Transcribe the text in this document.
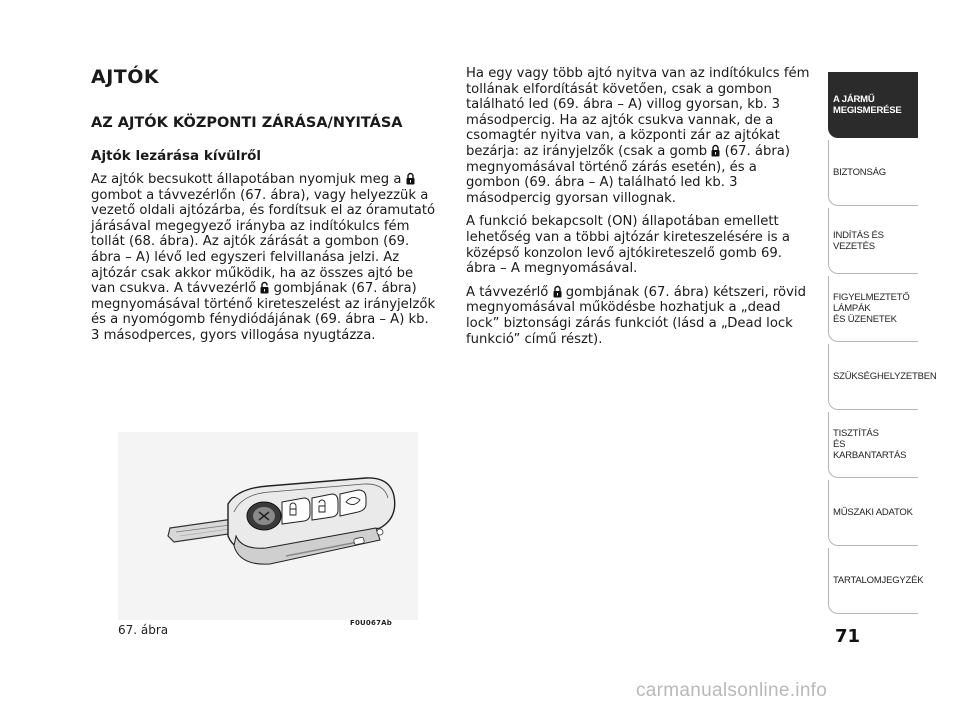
AJTÓK
AZ AJTÓK KÖZPONTI ZÁRÁSA/NYITÁSA
Ajtók lezárása kívülről

Az ajtók becsukott állapotában nyomjuk meg a  gombot a távvezérlőn (67. ábra), vagy helyezzük a vezető oldali ajtózárba, és fordítsuk el az óramutató járásával megegyező irányba az indítókulcs fém tollát (68. ábra). Az ajtók zárását a gombon (69. ábra – A) lévő led egyszeri felvillanása jelzi. Az ajtózár csak akkor működik, ha az összes ajtó be van csukva. A távvezérlő gombjának (67. ábra) megnyomásával történő kireteszelést az irányjelzők és a nyomógomb fénydiódájának (69. ábra – A) kb. 3 másodperces, gyors villogása nyugtázza.

Ha egy vagy több ajtó nyitva van az indítókulcs fém tollának elfordítását követően, csak a gombon található led (69. ábra – A) villog gyorsan, kb. 3 másodpercig. Ha az ajtók csukva vannak, de a csomagtér nyitva van, a központi zár az ajtókat bezárja: az irányjelzők (csak a gomb (67. ábra) megnyomásával történő zárás esetén), és a gombon (69. ábra – A) található led kb. 3 másodpercig gyorsan villognak.

A funkció bekapcsolt (ON) állapotában emellett lehetőség van a többi ajtózár kireteszelésére is a középső konzolon levő ajtókireteszelő gomb 69. ábra – A megnyomásával.

A távvezérlő gombjának (67. ábra) kétszeri, rövid megnyomásával működésbe hozhatjuk a „dead lock” biztonsági zárás funkciót (lásd a „Dead lock funkció” című részt).

F0U067Ab
67. ábra
A JÁRMŰ
MEGISMERÉSE
BIZTONSÁG
INDÍTÁS ÉS VEZETÉS
FIGYELMEZTETŐ
LÁMPÁK
ÉS ÜZENETEK
SZÜKSÉGHELYZETBEN
TISZTÍTÁS
ÉS KARBANTARTÁS
MŰSZAKI ADATOK
TARTALOMJEGYZÉK
71
carmanualsonline.info
